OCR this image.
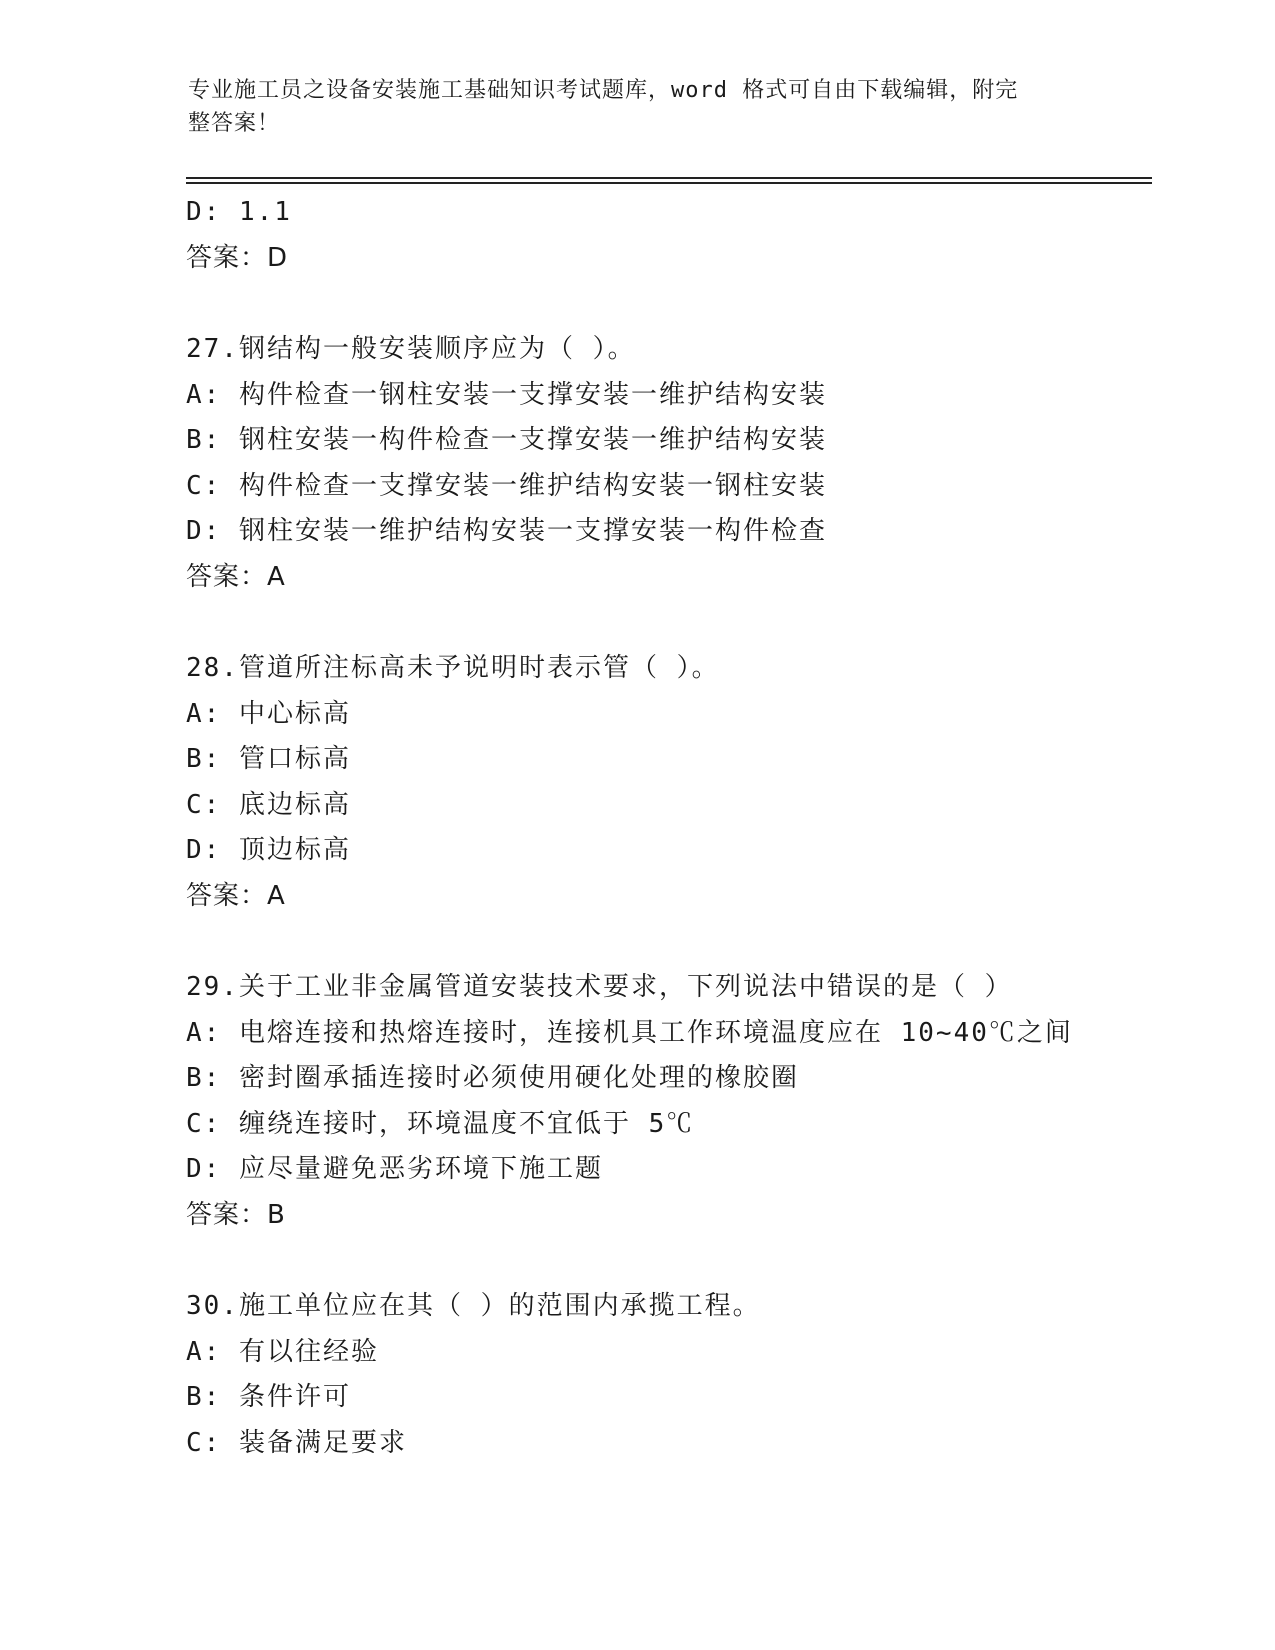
专业施工员之设备安装施工基础知识考试题库，word 格式可自由下载编辑，附完
整答案！
D: 1.1
答案：D
27.钢结构一般安装顺序应为（ ）。
A: 构件检查一钢柱安装一支撑安装一维护结构安装
B: 钢柱安装一构件检查一支撑安装一维护结构安装
C: 构件检查一支撑安装一维护结构安装一钢柱安装
D: 钢柱安装一维护结构安装一支撑安装一构件检查
答案：A
28.管道所注标高未予说明时表示管（ ）。
A: 中心标高
B: 管口标高
C: 底边标高
D: 顶边标高
答案：A
29.关于工业非金属管道安装技术要求，下列说法中错误的是（ ）
A: 电熔连接和热熔连接时，连接机具工作环境温度应在 10~40℃之间
B: 密封圈承插连接时必须使用硬化处理的橡胶圈
C: 缠绕连接时，环境温度不宜低于 5℃
D: 应尽量避免恶劣环境下施工题
答案：B
30.施工单位应在其（ ）的范围内承揽工程。
A: 有以往经验
B: 条件许可
C: 装备满足要求
